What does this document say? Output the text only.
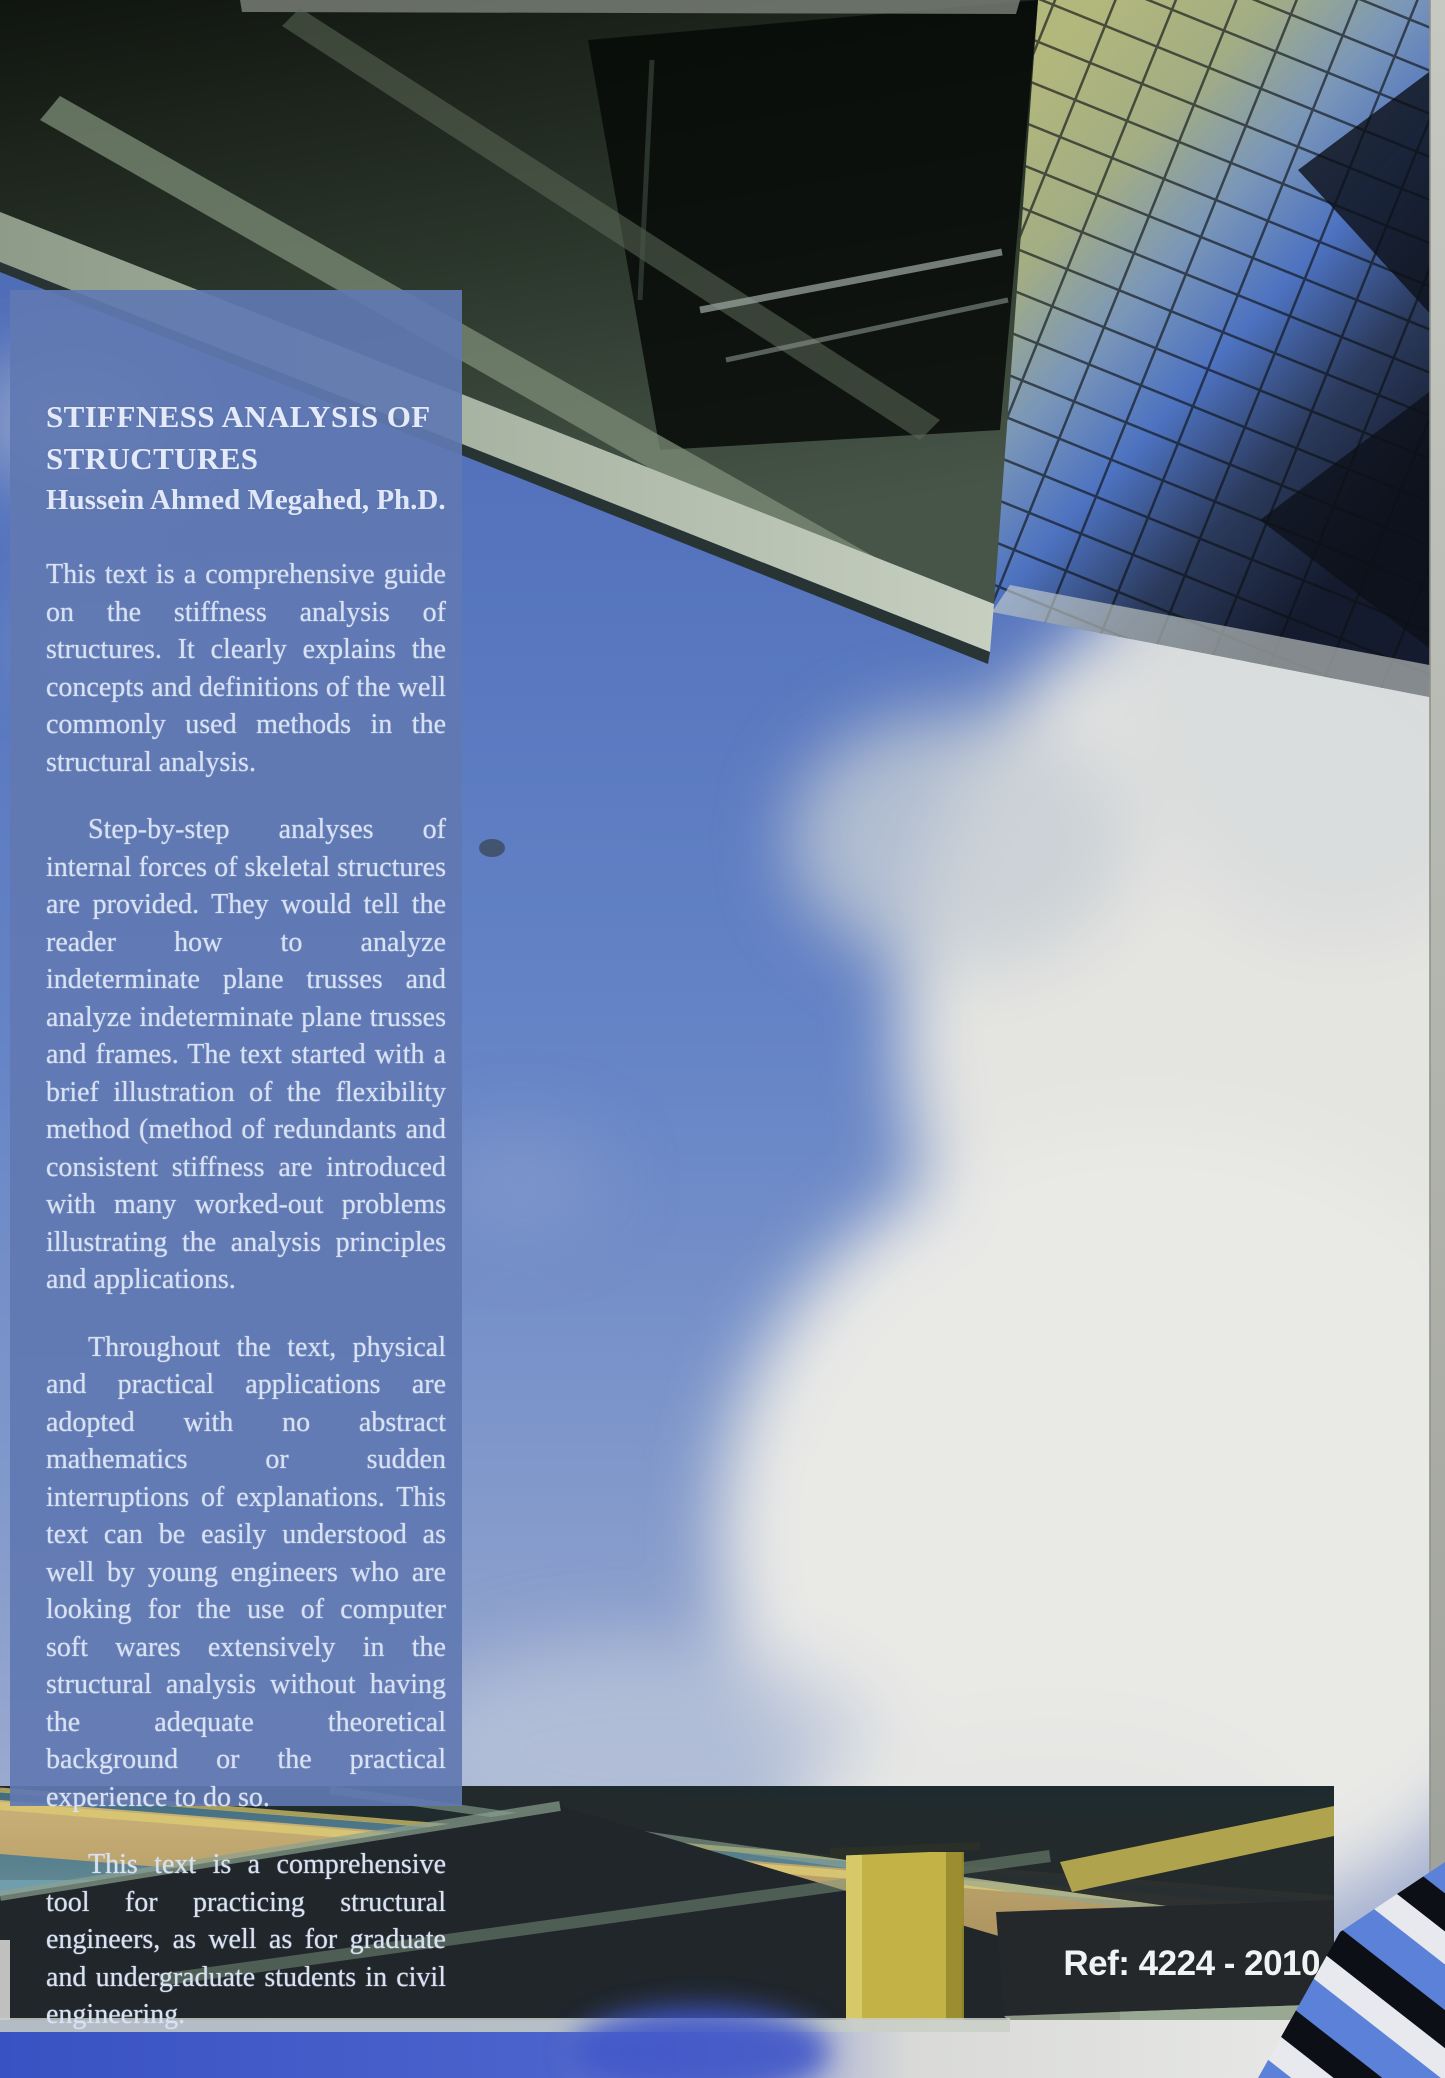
STIFFNESS ANALYSIS OF
STRUCTURES
Hussein Ahmed Megahed, Ph.D.

This text is a comprehensive guide on the stiffness analysis of structures. It clearly explains the concepts and definitions of the well commonly used methods in the structural analysis.

Step-by-step analyses of internal forces of skeletal structures are provided. They would tell the reader how to analyze indeterminate plane trusses and analyze indeterminate plane trusses and frames. The text started with a brief illustration of the flexibility method (method of redundants and consistent stiffness are introduced with many worked-out problems illustrating the analysis principles and applications.

Throughout the text, physical and practical applications are adopted with no abstract mathematics or sudden interruptions of explanations. This text can be easily understood as well by young engineers who are looking for the use of computer soft wares extensively in the structural analysis without having the adequate theoretical background or the practical experience to do so.

This text is a comprehensive tool for practicing structural engineers, as well as for graduate and undergraduate students in civil engineering.

Ref: 4224 - 2010
